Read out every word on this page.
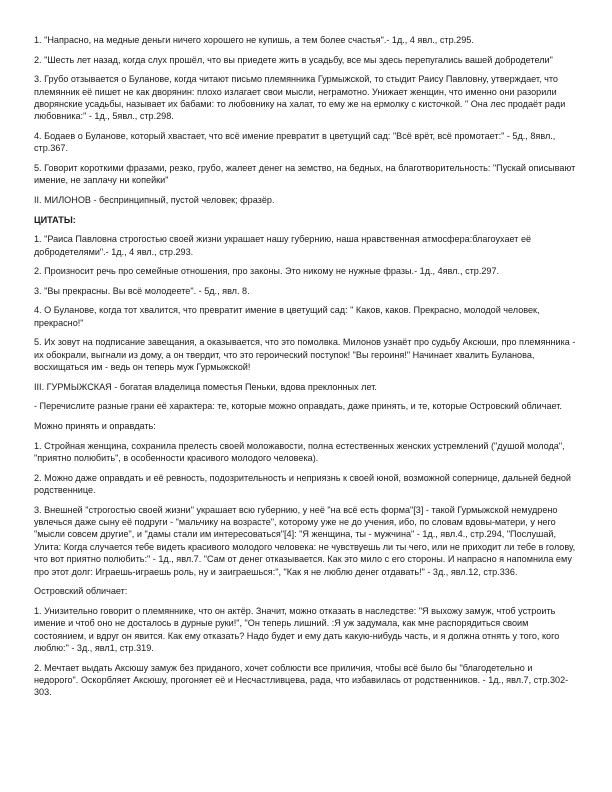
1. "Напрасно, на медные деньги ничего хорошего не купишь, а тем более счастья".- 1д., 4 явл., стр.295.

2. "Шесть лет назад, когда слух прошёл, что вы приедете жить в усадьбу, все мы здесь перепугались вашей добродетели"

3. Грубо отзывается о Буланове, когда читают письмо племянника Гурмыжской, то стыдит Раису Павловну, утверждает, что племянник её пишет не как дворянин: плохо излагает свои мысли, неграмотно. Унижает женщин, что именно они разорили дворянские усадьбы, называет их бабами: то любовнику на халат, то ему же на ермолку с кисточкой. " Она лес продаёт ради любовника:" - 1д., 5явл., стр.298.

4. Бодаев о Буланове, который хвастает, что всё имение превратит в цветущий сад: "Всё врёт, всё промотает:" - 5д., 8явл., стр.367.

5. Говорит короткими фразами, резко, грубо, жалеет денег на земство, на бедных, на благотворительность: "Пускай описывают имение, не заплачу ни копейки"

II. МИЛОНОВ - беспринципный, пустой человек; фразёр.

ЦИТАТЫ:

1. "Раиса Павловна строгостью своей жизни украшает нашу губернию, наша нравственная атмосфера:благоухает её добродетелями".- 1д., 4 явл., стр.293.

2. Произносит речь про семейные отношения, про законы. Это никому не нужные фразы.- 1д., 4явл., стр.297.

3. "Вы прекрасны. Вы всё молодеете". - 5д., явл. 8.

4. О Буланове, когда тот хвалится, что превратит имение в цветущий сад: " Каков, каков. Прекрасно, молодой человек, прекрасно!"

5. Их зовут на подписание завещания, а оказывается, что это помолвка. Милонов узнаёт про судьбу Аксюши, про племянника - их обокрали, выгнали из дому, а он твердит, что это героический поступок! "Вы героиня!" Начинает хвалить Буланова, восхищаться им - ведь он теперь муж Гурмыжской!

III. ГУРМЫЖСКАЯ - богатая владелица поместья Пеньки, вдова преклонных лет.

- Перечислите разные грани её характера: те, которые можно оправдать, даже принять, и те, которые Островский обличает.

Можно принять и оправдать:

1. Стройная женщина, сохранила прелесть своей моложавости, полна естественных женских устремлений ("душой молода", "приятно полюбить", в особенности красивого молодого человека).

2. Можно даже оправдать и её ревность, подозрительность и неприязнь к своей юной, возможной сопернице, дальней бедной родственнице.

3. Внешней "строгостью своей жизни" украшает всю губернию, у неё "на всё есть форма"[3] - такой Гурмыжской немудрено увлечься даже сыну её подруги - "мальчику на возрасте", которому уже не до учения, ибо, по словам вдовы-матери, у него "мысли совсем другие", и "дамы стали им интересоваться"[4]: "Я женщина, ты - мужчина" - 1д., явл.4., стр.294, "Послушай, Улита: Когда случается тебе видеть красивого молодого человека: не чувствуешь ли ты чего, или не приходит ли тебе в голову, что вот приятно полюбить:" - 1д., явл.7. "Сам от денег отказывается. Как это мило с его стороны. И напрасно я напомнила ему про этот долг: Играешь-играешь роль, ну и заиграешься:", "Как я не люблю денег отдавать!" - 3д., явл.12, стр.336.

Островский обличает:

1. Унизительно говорит о племяннике, что он актёр. Значит, можно отказать в наследстве: "Я выхожу замуж, чтоб устроить имение и чтоб оно не досталось в дурные руки!", "Он теперь лишний. :Я уж задумала, как мне распорядиться своим состоянием, и вдруг он явится. Как ему отказать? Надо будет и ему дать какую-нибудь часть, и я должна отнять у того, кого люблю:" - 3д., явл1, стр.319.

2. Мечтает выдать Аксюшу замуж без приданого, хочет соблюсти все приличия, чтобы всё было бы "благодетельно и недорого". Оскорбляет Аксюшу, прогоняет её и Несчастливцева, рада, что избавилась от родственников. - 1д., явл.7, стр.302-303.
